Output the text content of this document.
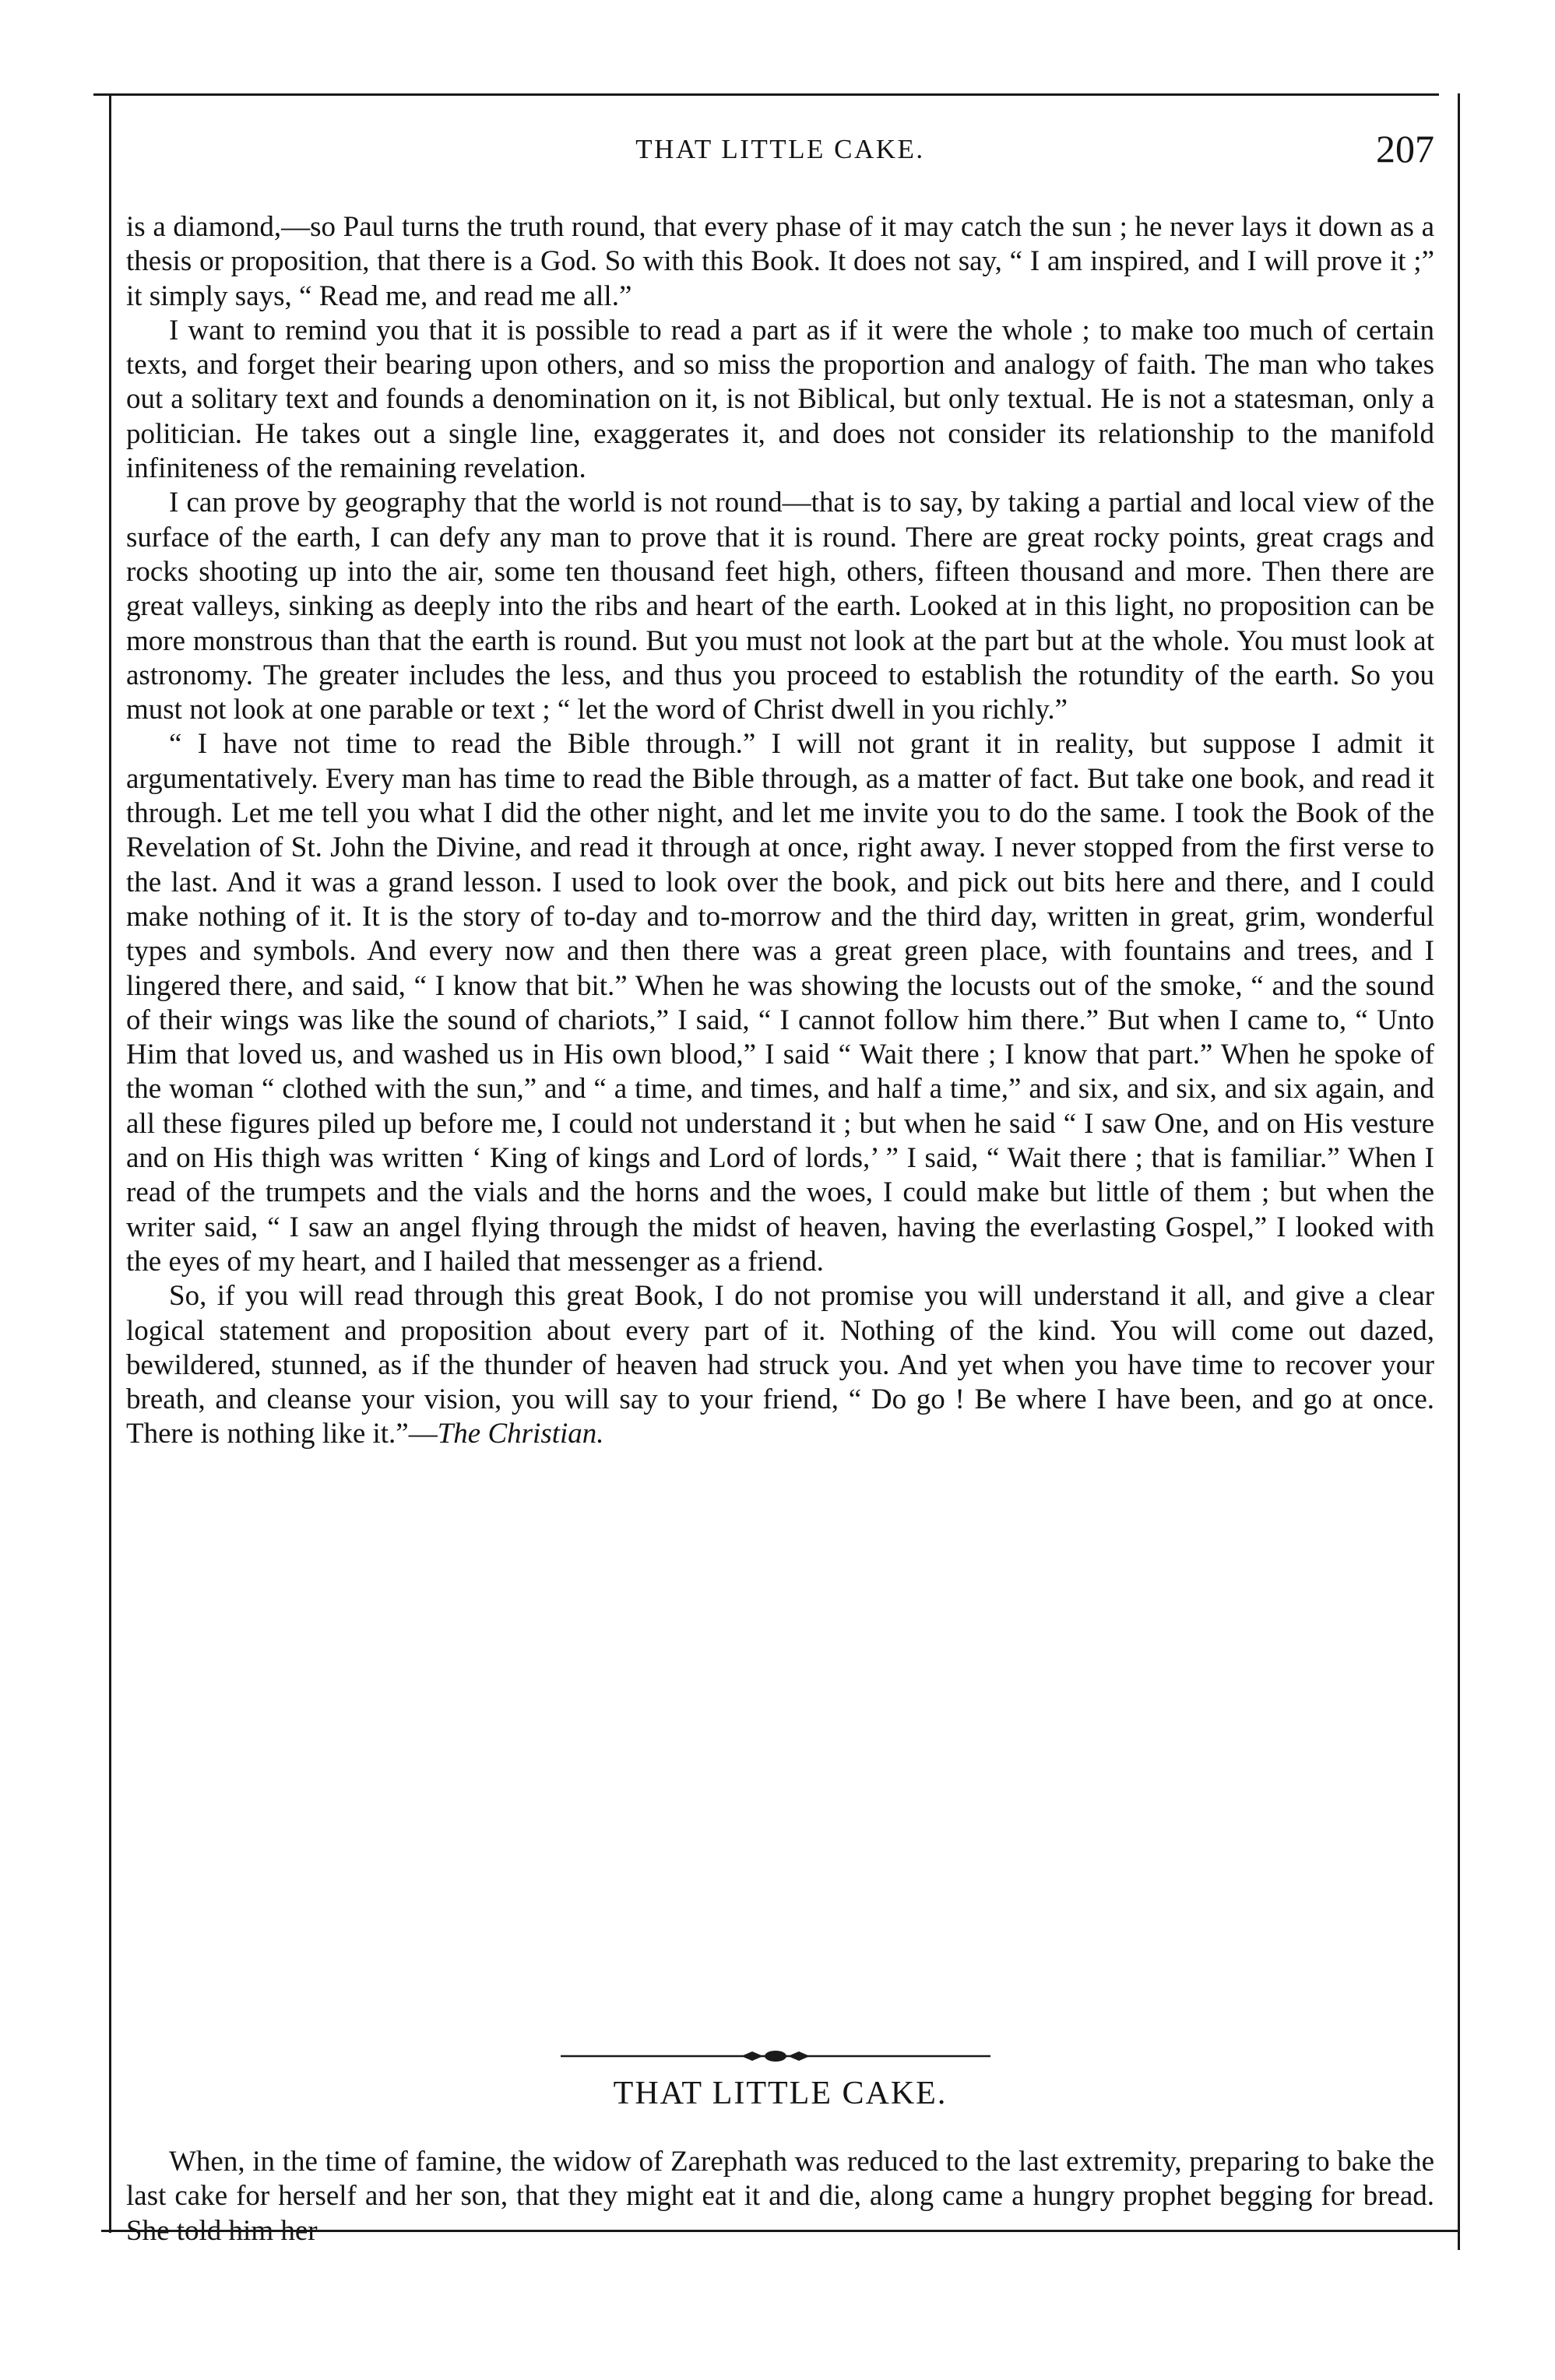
THAT LITTLE CAKE.	207

is a diamond,—so Paul turns the truth round, that every phase of it may catch the sun ; he never lays it down as a thesis or proposition, that there is a God. So with this Book. It does not say, “ I am inspired, and I will prove it ;” it simply says, “ Read me, and read me all.”

I want to remind you that it is possible to read a part as if it were the whole ; to make too much of certain texts, and forget their bearing upon others, and so miss the proportion and analogy of faith. The man who takes out a solitary text and founds a denomination on it, is not Biblical, but only textual. He is not a statesman, only a politician. He takes out a single line, exaggerates it, and does not consider its relationship to the manifold infiniteness of the remaining revelation.

I can prove by geography that the world is not round—that is to say, by taking a partial and local view of the surface of the earth, I can defy any man to prove that it is round. There are great rocky points, great crags and rocks shooting up into the air, some ten thousand feet high, others, fifteen thousand and more. Then there are great valleys, sinking as deeply into the ribs and heart of the earth. Looked at in this light, no proposition can be more monstrous than that the earth is round. But you must not look at the part but at the whole. You must look at astronomy. The greater includes the less, and thus you proceed to establish the rotundity of the earth. So you must not look at one parable or text ; “ let the word of Christ dwell in you richly.”

“ I have not time to read the Bible through.” I will not grant it in reality, but suppose I admit it argumentatively. Every man has time to read the Bible through, as a matter of fact. But take one book, and read it through. Let me tell you what I did the other night, and let me invite you to do the same. I took the Book of the Revelation of St. John the Divine, and read it through at once, right away. I never stopped from the first verse to the last. And it was a grand lesson. I used to look over the book, and pick out bits here and there, and I could make nothing of it. It is the story of to-day and to-morrow and the third day, written in great, grim, wonderful types and symbols. And every now and then there was a great green place, with fountains and trees, and I lingered there, and said, “ I know that bit.” When he was showing the locusts out of the smoke, “ and the sound of their wings was like the sound of chariots,” I said, “ I cannot follow him there.” But when I came to, “ Unto Him that loved us, and washed us in His own blood,” I said “ Wait there ; I know that part.” When he spoke of the woman “ clothed with the sun,” and “ a time, and times, and half a time,” and six, and six, and six again, and all these figures piled up before me, I could not understand it ; but when he said “ I saw One, and on His vesture and on His thigh was written ‘ King of kings and Lord of lords,’ ” I said, “ Wait there ; that is familiar.” When I read of the trumpets and the vials and the horns and the woes, I could make but little of them ; but when the writer said, “ I saw an angel flying through the midst of heaven, having the everlasting Gospel,” I looked with the eyes of my heart, and I hailed that messenger as a friend.

So, if you will read through this great Book, I do not promise you will understand it all, and give a clear logical statement and proposition about every part of it. Nothing of the kind. You will come out dazed, bewildered, stunned, as if the thunder of heaven had struck you. And yet when you have time to recover your breath, and cleanse your vision, you will say to your friend, “ Do go ! Be where I have been, and go at once. There is nothing like it.”—The Christian.

THAT LITTLE CAKE.

When, in the time of famine, the widow of Zarephath was reduced to the last extremity, preparing to bake the last cake for herself and her son, that they might eat it and die, along came a hungry prophet begging for bread. She told him her
